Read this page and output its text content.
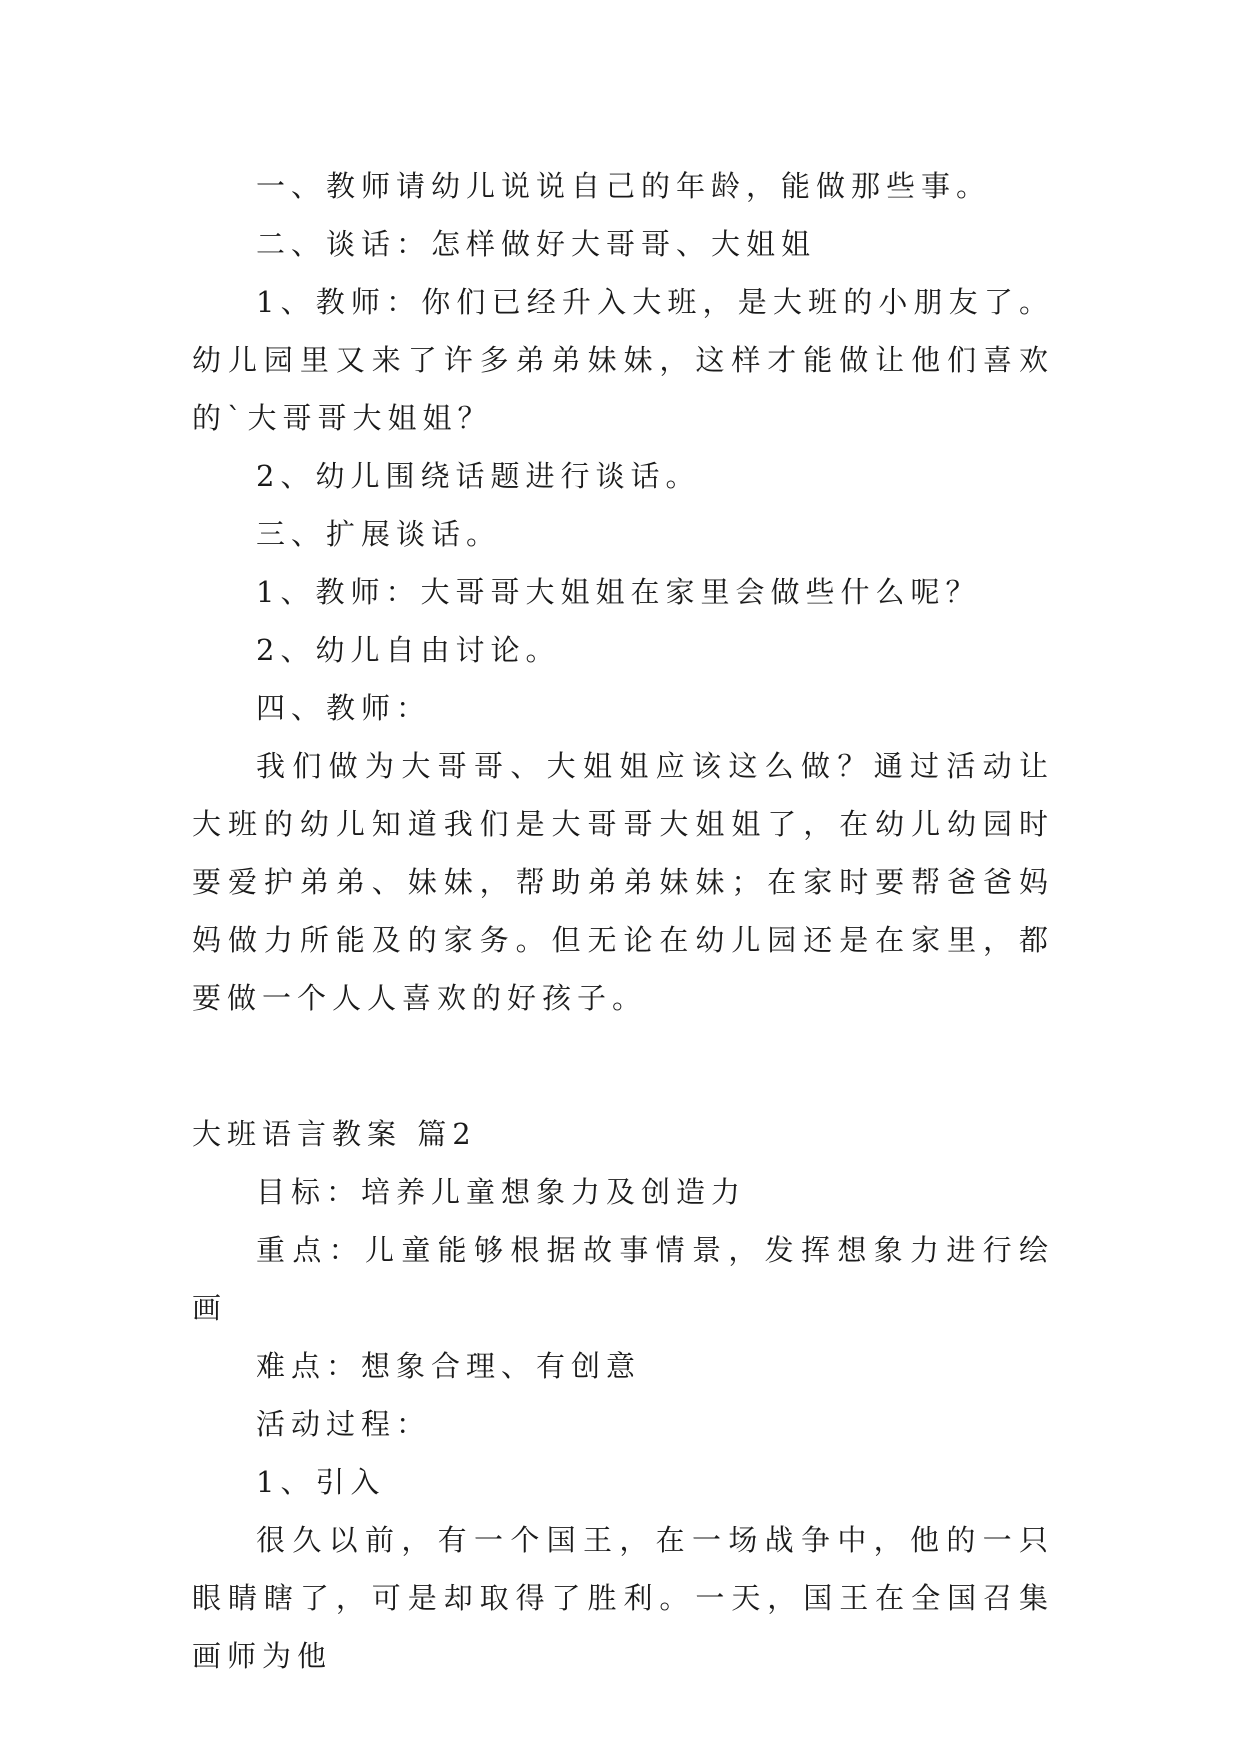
一、教师请幼儿说说自己的年龄，能做那些事。

二、谈话：怎样做好大哥哥、大姐姐

1、教师：你们已经升入大班，是大班的小朋友了。幼儿园里又来了许多弟弟妹妹，这样才能做让他们喜欢的`大哥哥大姐姐？

2、幼儿围绕话题进行谈话。

三、扩展谈话。

1、教师：大哥哥大姐姐在家里会做些什么呢？

2、幼儿自由讨论。

四、教师：

我们做为大哥哥、大姐姐应该这么做？通过活动让大班的幼儿知道我们是大哥哥大姐姐了，在幼儿幼园时要爱护弟弟、妹妹，帮助弟弟妹妹；在家时要帮爸爸妈妈做力所能及的家务。但无论在幼儿园还是在家里，都要做一个人人喜欢的好孩子。

大班语言教案 篇2

目标：培养儿童想象力及创造力

重点：儿童能够根据故事情景，发挥想象力进行绘画

难点：想象合理、有创意

活动过程：

1、引入

很久以前，有一个国王，在一场战争中，他的一只眼睛瞎了，可是却取得了胜利。一天，国王在全国召集画师为他
